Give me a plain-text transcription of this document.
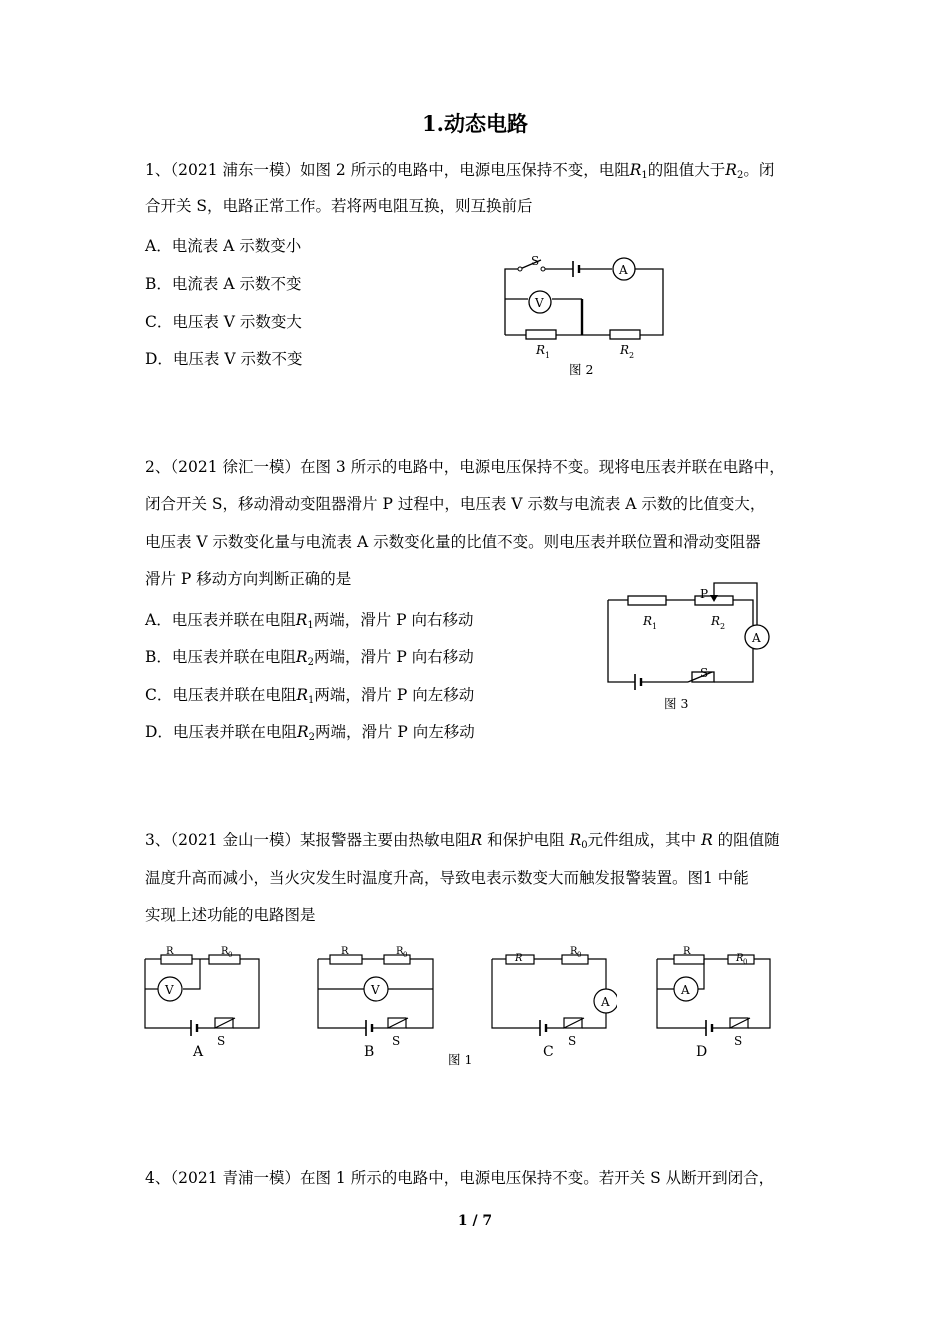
1.动态电路
1、（2021 浦东一模）如图 2 所示的电路中，电源电压保持不变，电阻$R_1$的阻值大于$R_2$。闭
合开关 S，电路正常工作。若将两电阻互换，则互换前后
A．电流表 A 示数变小
B．电流表 A 示数不变
C．电压表 V 示数变大
D．电压表 V 示数不变
S
A
V
R 1	R 2
图 2
2、（2021 徐汇一模）在图 3 所示的电路中，电源电压保持不变。现将电压表并联在电路中，
闭合开关 S，移动滑动变阻器滑片 P 过程中，电压表 V 示数与电流表 A 示数的比值变大，
电压表 V 示数变化量与电流表 A 示数变化量的比值不变。则电压表并联位置和滑动变阻器
滑片 P 移动方向判断正确的是
A．电压表并联在电阻$R_1$两端，滑片 P 向右移动
B．电压表并联在电阻$R_2$两端，滑片 P 向右移动
C．电压表并联在电阻$R_1$两端，滑片 P 向左移动
D．电压表并联在电阻$R_2$两端，滑片 P 向左移动
P
A
S
R 1	R 2
图 3
3、（2021 金山一模）某报警器主要由热敏电阻R 和保护电阻 $R_0$元件组成，其中 R 的阻值随
温度升高而减小，当火灾发生时温度升高，导致电表示数变大而触发报警装置。图1 中能
实现上述功能的电路图是
R	R 0
V
S
A
R	R 0
V
S
B	图 1
R
R 0
A
S
C
R
R 0
A
S
D
4、（2021 青浦一模）在图 1 所示的电路中，电源电压保持不变。若开关 S 从断开到闭合，
1 / 7
